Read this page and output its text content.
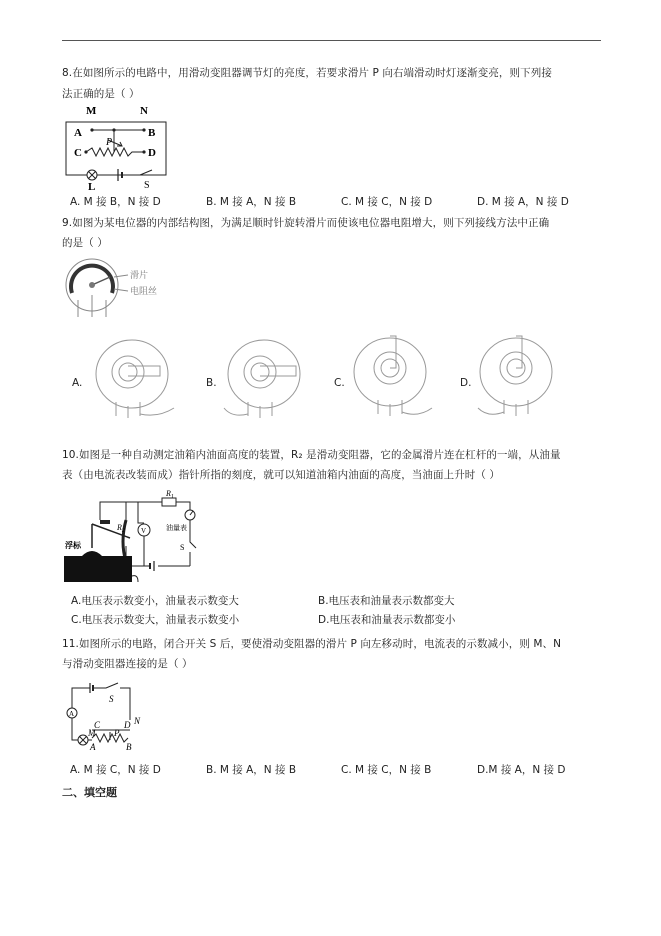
8.在如图所示的电路中，用滑动变阻器调节灯的亮度，若要求滑片 P 向右端滑动时灯逐渐变亮，则下列接
法正确的是（ ）
M	N
A	B
C	D
P
L	S
A. M 接 B，N 接 D	B. M 接 A，N 接 B	C. M 接 C，N 接 D	D. M 接 A，N 接 D
9.如图为某电位器的内部结构图，为满足顺时针旋转滑片而使该电位器电阻增大，则下列接线方法中正确
的是（ ）
滑片
电阻丝
A.	B.	C.	D.
10.如图是一种自动测定油箱内油面高度的装置，R₂ 是滑动变阻器，它的金属滑片连在杠杆的一端，从油量
表（由电流表改装而成）指针所指的刻度，就可以知道油箱内油面的高度，当油面上升时（ ）
浮标
$R_2$
$R_1$
V	油量表
S
A.电压表示数变小，油量表示数变大	B.电压表和油量表示数都变大
C.电压表示数变大，油量表示数变小	D.电压表和油量表示数都变小
11.如图所示的电路，闭合开关 S 后，要使滑动变阻器的滑片 P 向左移动时，电流表的示数减小，则 M、N
与滑动变阻器连接的是（ ）
A
S
N
M
C	D
P
A	B
A. M 接 C，N 接 D	B. M 接 A，N 接 B	C. M 接 C，N 接 B	D.M 接 A，N 接 D
二、填空题
